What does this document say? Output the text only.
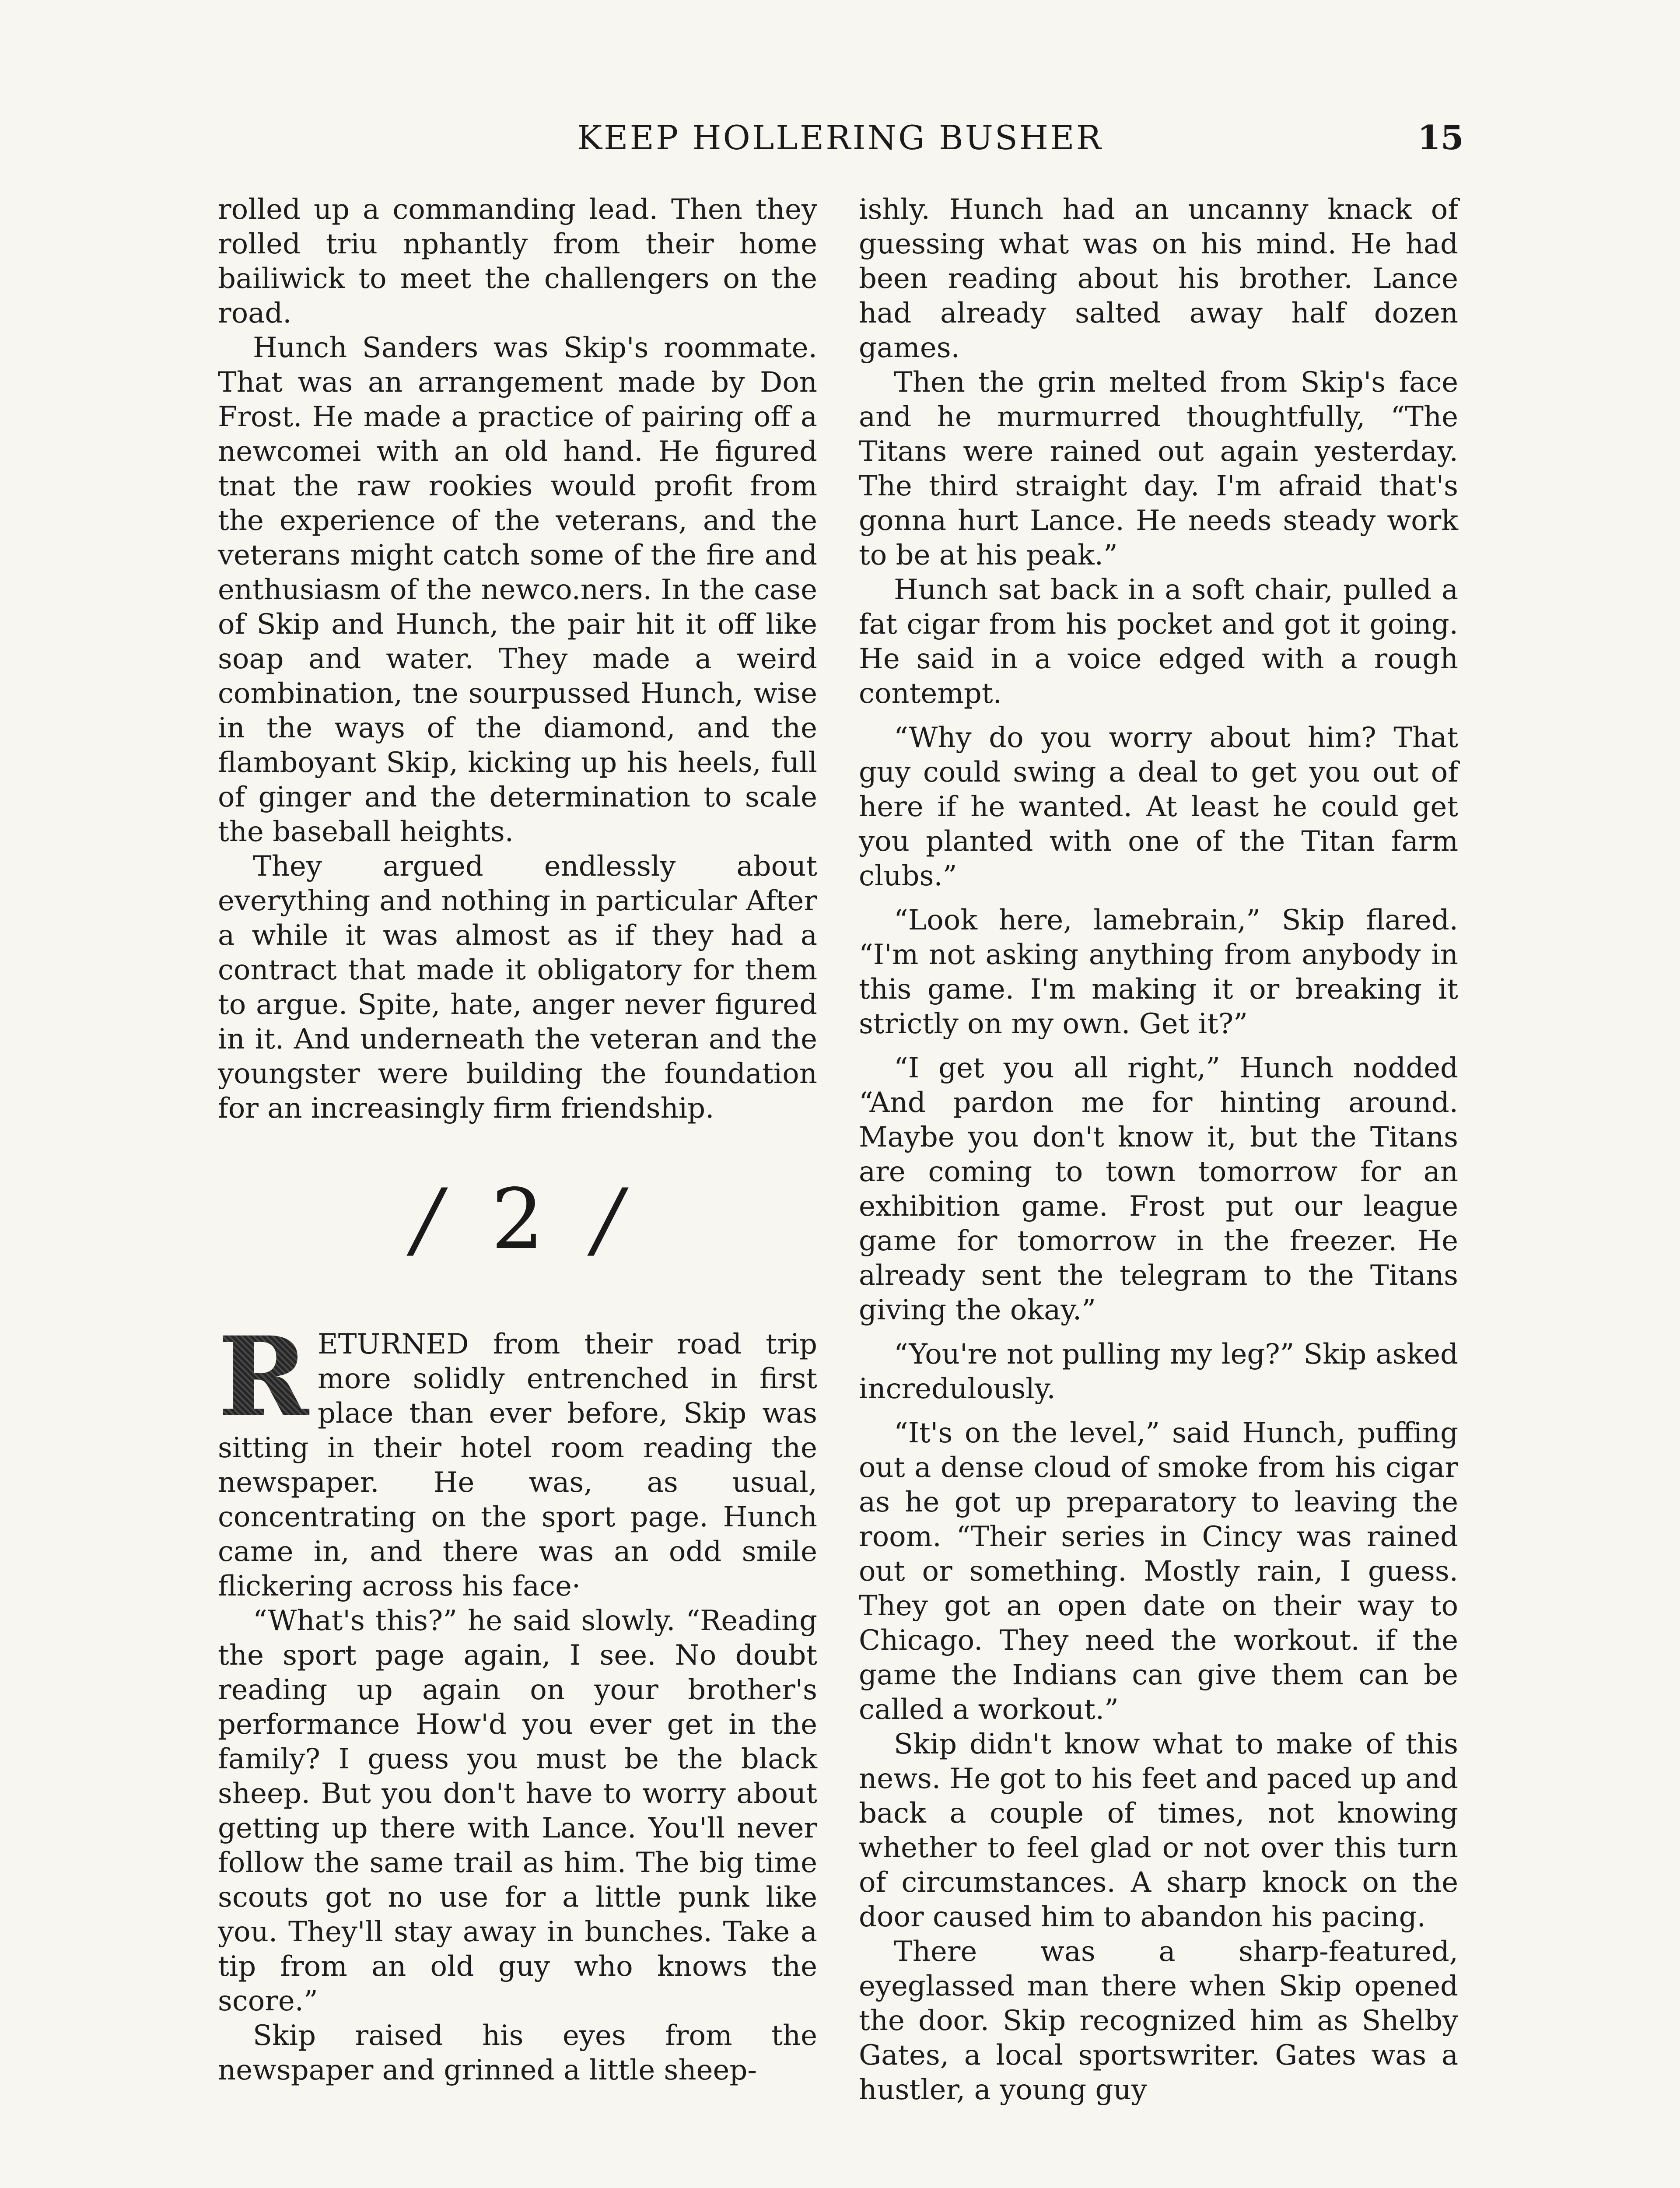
KEEP HOLLERING BUSHER	15

rolled up a commanding lead. Then they rolled triu nphantly from their home bailiwick to meet the challengers on the road.

Hunch Sanders was Skip's roommate. That was an arrangement made by Don Frost. He made a practice of pairing off a newcomei with an old hand. He figured tnat the raw rookies would profit from the experience of the veterans, and the veterans might catch some of the fire and enthusiasm of the newco.ners. In the case of Skip and Hunch, the pair hit it off like soap and water. They made a weird combination, tne sourpussed Hunch, wise in the ways of the diamond, and the flamboyant Skip, kicking up his heels, full of ginger and the determination to scale the baseball heights.

They argued endlessly about everything and nothing in particular After a while it was almost as if they had a contract that made it obligatory for them to argue. Spite, hate, anger never figured in it. And underneath the veteran and the youngster were building the foundation for an increasingly firm friendship.

∕ 2 ∕

R ETURNED from their road trip more solidly entrenched in first place than ever before, Skip was sitting in their hotel room reading the newspaper. He was, as usual, concentrating on the sport page. Hunch came in, and there was an odd smile flickering across his face·

“What's this?” he said slowly. “Reading the sport page again, I see. No doubt reading up again on your brother's performance How'd you ever get in the family? I guess you must be the black sheep. But you don't have to worry about getting up there with Lance. You'll never follow the same trail as him. The big time scouts got no use for a little punk like you. They'll stay away in bunches. Take a tip from an old guy who knows the score.”

Skip raised his eyes from the newspaper and grinned a little sheep-

ishly. Hunch had an uncanny knack of guessing what was on his mind. He had been reading about his brother. Lance had already salted away half dozen games.

Then the grin melted from Skip's face and he murmurred thoughtfully, “The Titans were rained out again yesterday. The third straight day. I'm afraid that's gonna hurt Lance. He needs steady work to be at his peak.”

Hunch sat back in a soft chair, pulled a fat cigar from his pocket and got it going. He said in a voice edged with a rough contempt.

“Why do you worry about him? That guy could swing a deal to get you out of here if he wanted. At least he could get you planted with one of the Titan farm clubs.”

“Look here, lamebrain,” Skip flared. “I'm not asking anything from anybody in this game. I'm making it or breaking it strictly on my own. Get it?”

“I get you all right,” Hunch nodded “And pardon me for hinting around. Maybe you don't know it, but the Titans are coming to town tomorrow for an exhibition game. Frost put our league game for tomorrow in the freezer. He already sent the telegram to the Titans giving the okay.”

“You're not pulling my leg?” Skip asked incredulously.

“It's on the level,” said Hunch, puffing out a dense cloud of smoke from his cigar as he got up preparatory to leaving the room. “Their series in Cincy was rained out or something. Mostly rain, I guess. They got an open date on their way to Chicago. They need the workout. if the game the Indians can give them can be called a workout.”

Skip didn't know what to make of this news. He got to his feet and paced up and back a couple of times, not knowing whether to feel glad or not over this turn of circumstances. A sharp knock on the door caused him to abandon his pacing.

There was a sharp-featured, eyeglassed man there when Skip opened the door. Skip recognized him as Shelby Gates, a local sportswriter. Gates was a hustler, a young guy
